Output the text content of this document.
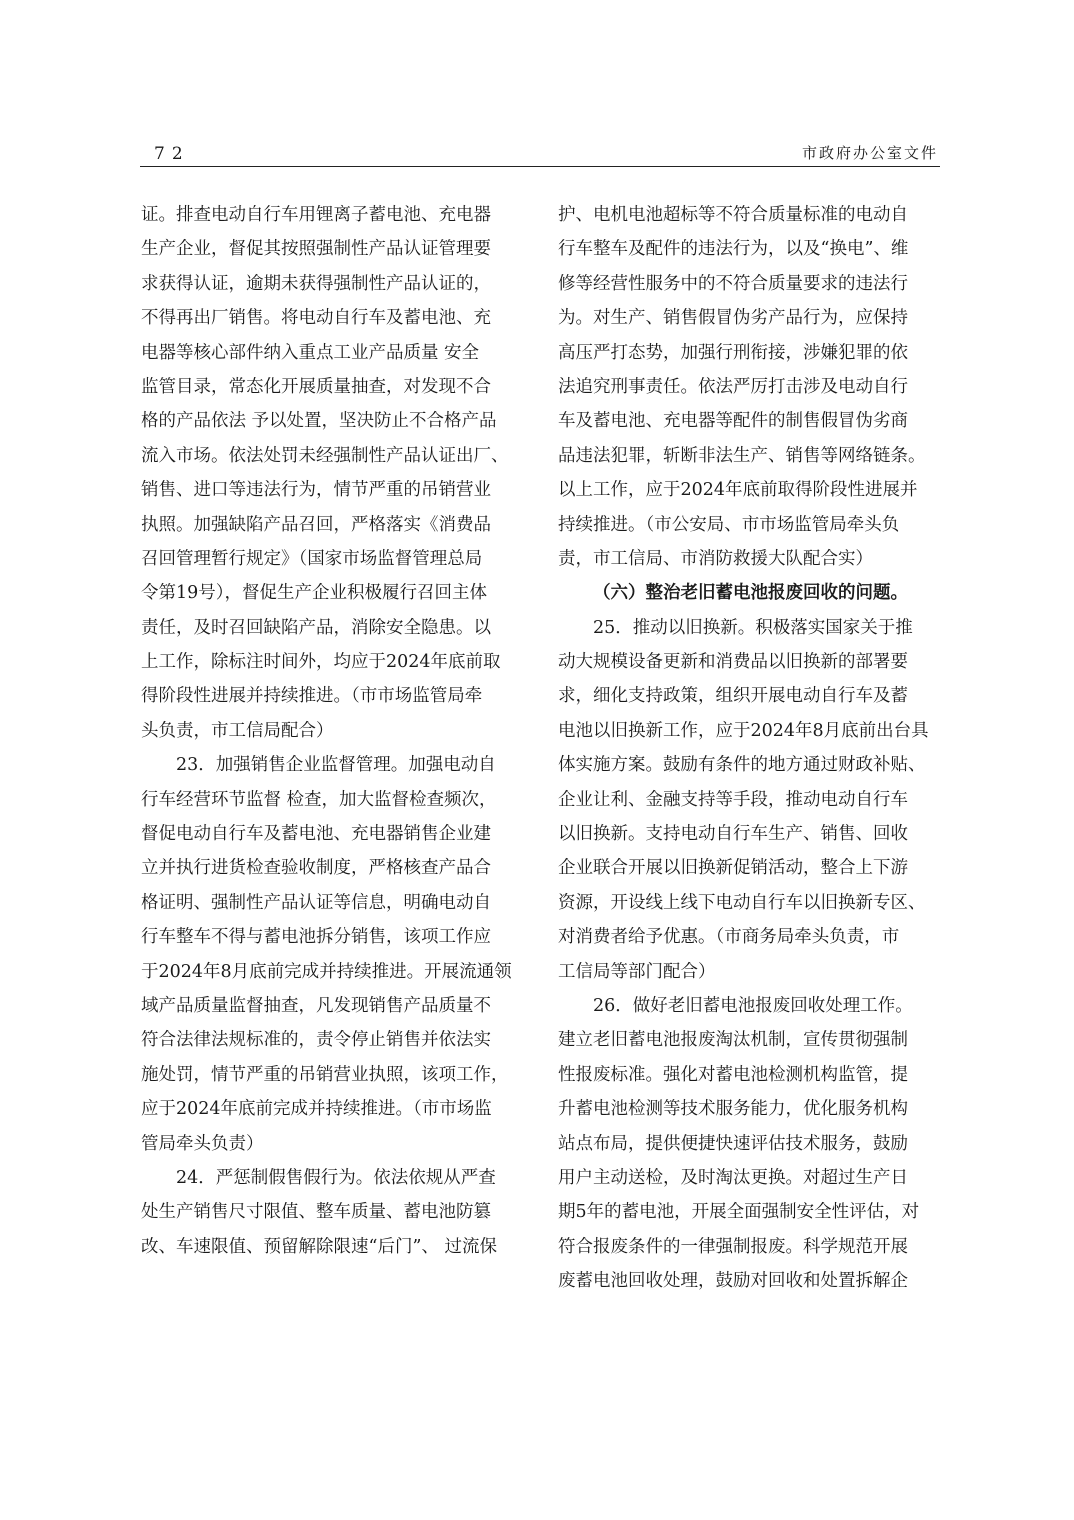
72	市政府办公室文件
证。排查电动自行车用锂离子蓄电池、充电器
生产企业，督促其按照强制性产品认证管理要
求获得认证，逾期未获得强制性产品认证的，
不得再出厂销售。将电动自行车及蓄电池、充
电器等核心部件纳入重点工业产品质量 安全
监管目录，常态化开展质量抽查，对发现不合
格的产品依法 予以处置，坚决防止不合格产品
流入市场。依法处罚未经强制性产品认证出厂、
销售、进口等违法行为，情节严重的吊销营业
执照。加强缺陷产品召回，严格落实《消费品
召回管理暂行规定》（国家市场监督管理总局
令第19号），督促生产企业积极履行召回主体
责任，及时召回缺陷产品，消除安全隐患。以
上工作，除标注时间外，均应于2024年底前取
得阶段性进展并持续推进。（市市场监管局牵
头负责，市工信局配合）
23．加强销售企业监督管理。加强电动自
行车经营环节监督 检查，加大监督检查频次，
督促电动自行车及蓄电池、充电器销售企业建
立并执行进货检查验收制度，严格核查产品合
格证明、强制性产品认证等信息，明确电动自
行车整车不得与蓄电池拆分销售，该项工作应
于2024年8月底前完成并持续推进。开展流通领
域产品质量监督抽查，凡发现销售产品质量不
符合法律法规标准的，责令停止销售并依法实
施处罚，情节严重的吊销营业执照，该项工作，
应于2024年底前完成并持续推进。（市市场监
管局牵头负责）
24．严惩制假售假行为。依法依规从严查
处生产销售尺寸限值、整车质量、蓄电池防篡
改、车速限值、预留解除限速“后门”、 过流保
护、电机电池超标等不符合质量标准的电动自
行车整车及配件的违法行为，以及“换电”、维
修等经营性服务中的不符合质量要求的违法行
为。对生产、销售假冒伪劣产品行为，应保持
高压严打态势，加强行刑衔接，涉嫌犯罪的依
法追究刑事责任。依法严厉打击涉及电动自行
车及蓄电池、充电器等配件的制售假冒伪劣商
品违法犯罪，斩断非法生产、销售等网络链条。
以上工作，应于2024年底前取得阶段性进展并
持续推进。（市公安局、市市场监管局牵头负
责，市工信局、市消防救援大队配合实）
（六）整治老旧蓄电池报废回收的问题。
25．推动以旧换新。积极落实国家关于推
动大规模设备更新和消费品以旧换新的部署要
求，细化支持政策，组织开展电动自行车及蓄
电池以旧换新工作，应于2024年8月底前出台具
体实施方案。鼓励有条件的地方通过财政补贴、
企业让利、金融支持等手段，推动电动自行车
以旧换新。支持电动自行车生产、销售、回收
企业联合开展以旧换新促销活动，整合上下游
资源，开设线上线下电动自行车以旧换新专区、
对消费者给予优惠。（市商务局牵头负责，市
工信局等部门配合）
26．做好老旧蓄电池报废回收处理工作。
建立老旧蓄电池报废淘汰机制，宣传贯彻强制
性报废标准。强化对蓄电池检测机构监管，提
升蓄电池检测等技术服务能力，优化服务机构
站点布局，提供便捷快速评估技术服务，鼓励
用户主动送检，及时淘汰更换。对超过生产日
期5年的蓄电池，开展全面强制安全性评估，对
符合报废条件的一律强制报废。科学规范开展
废蓄电池回收处理，鼓励对回收和处置拆解企
